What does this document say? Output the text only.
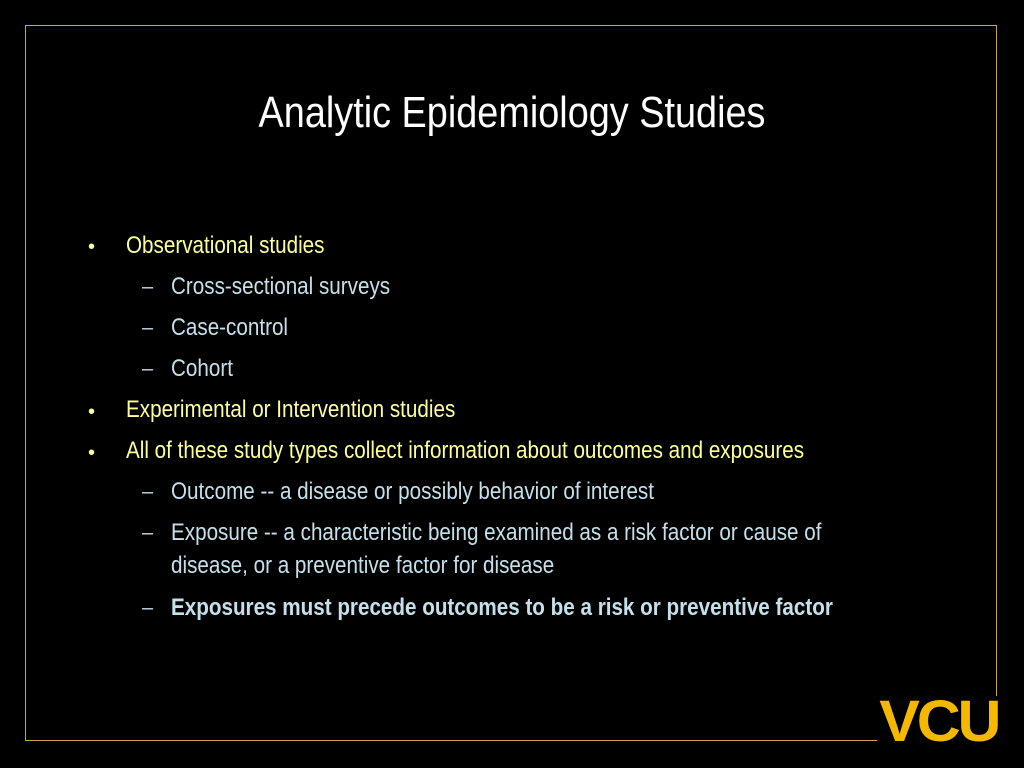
Analytic Epidemiology Studies
• Observational studies
– Cross-sectional surveys
– Case-control
– Cohort
• Experimental or Intervention studies
• All of these study types collect information about outcomes and exposures
– Outcome -- a disease or possibly behavior of interest
– Exposure -- a characteristic being examined as a risk factor or cause of
disease, or a preventive factor for disease
– Exposures must precede outcomes to be a risk or preventive factor
VCU
